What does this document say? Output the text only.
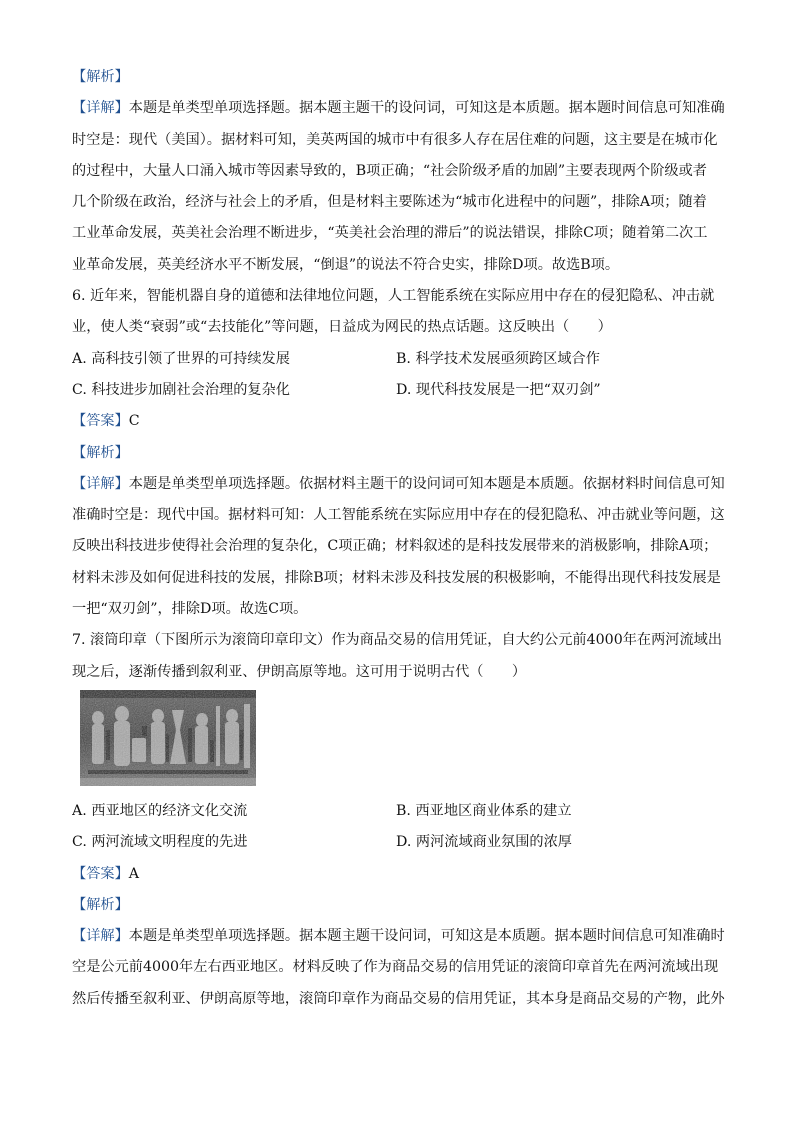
【解析】
【详解】本题是单类型单项选择题。据本题主题干的设问词，可知这是本质题。据本题时间信息可知准确
时空是：现代（美国）。据材料可知，美英两国的城市中有很多人存在居住难的问题，这主要是在城市化
的过程中，大量人口涌入城市等因素导致的，B项正确；“社会阶级矛盾的加剧”主要表现两个阶级或者
几个阶级在政治，经济与社会上的矛盾，但是材料主要陈述为“城市化进程中的问题”，排除A项；随着
工业革命发展，英美社会治理不断进步，“英美社会治理的滞后”的说法错误，排除C项；随着第二次工
业革命发展，英美经济水平不断发展，“倒退”的说法不符合史实，排除D项。故选B项。
6. 近年来，智能机器自身的道德和法律地位问题，人工智能系统在实际应用中存在的侵犯隐私、冲击就
业，使人类“衰弱”或“去技能化”等问题，日益成为网民的热点话题。这反映出（　　）
A. 高科技引领了世界的可持续发展	B. 科学技术发展亟须跨区域合作
C. 科技进步加剧社会治理的复杂化	D. 现代科技发展是一把“双刃剑”
【答案】C
【解析】
【详解】本题是单类型单项选择题。依据材料主题干的设问词可知本题是本质题。依据材料时间信息可知
准确时空是：现代中国。据材料可知：人工智能系统在实际应用中存在的侵犯隐私、冲击就业等问题，这
反映出科技进步使得社会治理的复杂化，C项正确；材料叙述的是科技发展带来的消极影响，排除A项；
材料未涉及如何促进科技的发展，排除B项；材料未涉及科技发展的积极影响，不能得出现代科技发展是
一把“双刃剑”，排除D项。故选C项。
7. 滚筒印章（下图所示为滚筒印章印文）作为商品交易的信用凭证，自大约公元前4000年在两河流域出
现之后，逐渐传播到叙利亚、伊朗高原等地。这可用于说明古代（　　）
A. 西亚地区的经济文化交流	B. 西亚地区商业体系的建立
C. 两河流域文明程度的先进	D. 两河流域商业氛围的浓厚
【答案】A
【解析】
【详解】本题是单类型单项选择题。据本题主题干设问词，可知这是本质题。据本题时间信息可知准确时
空是公元前4000年左右西亚地区。材料反映了作为商品交易的信用凭证的滚筒印章首先在两河流域出现
然后传播至叙利亚、伊朗高原等地，滚筒印章作为商品交易的信用凭证，其本身是商品交易的产物，此外
